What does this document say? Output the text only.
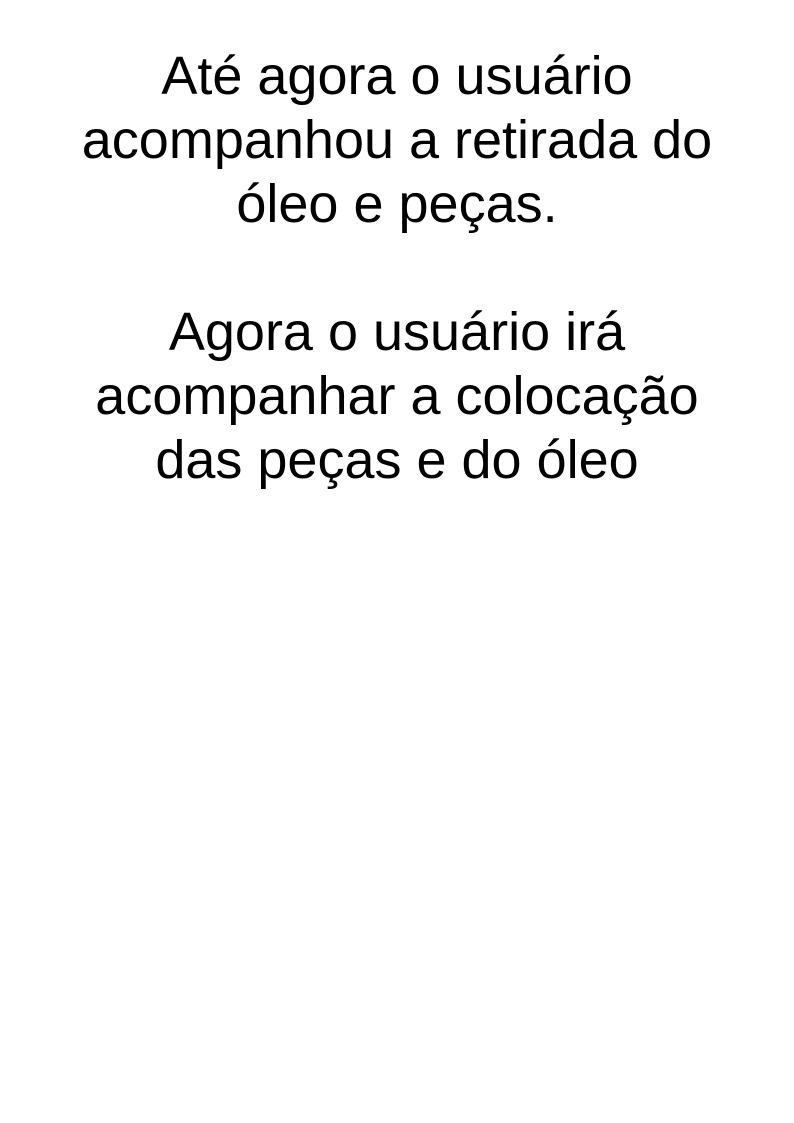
Até agora o usuário
acompanhou a retirada do
óleo e peças.
Agora o usuário irá
acompanhar a colocação
das peças e do óleo
